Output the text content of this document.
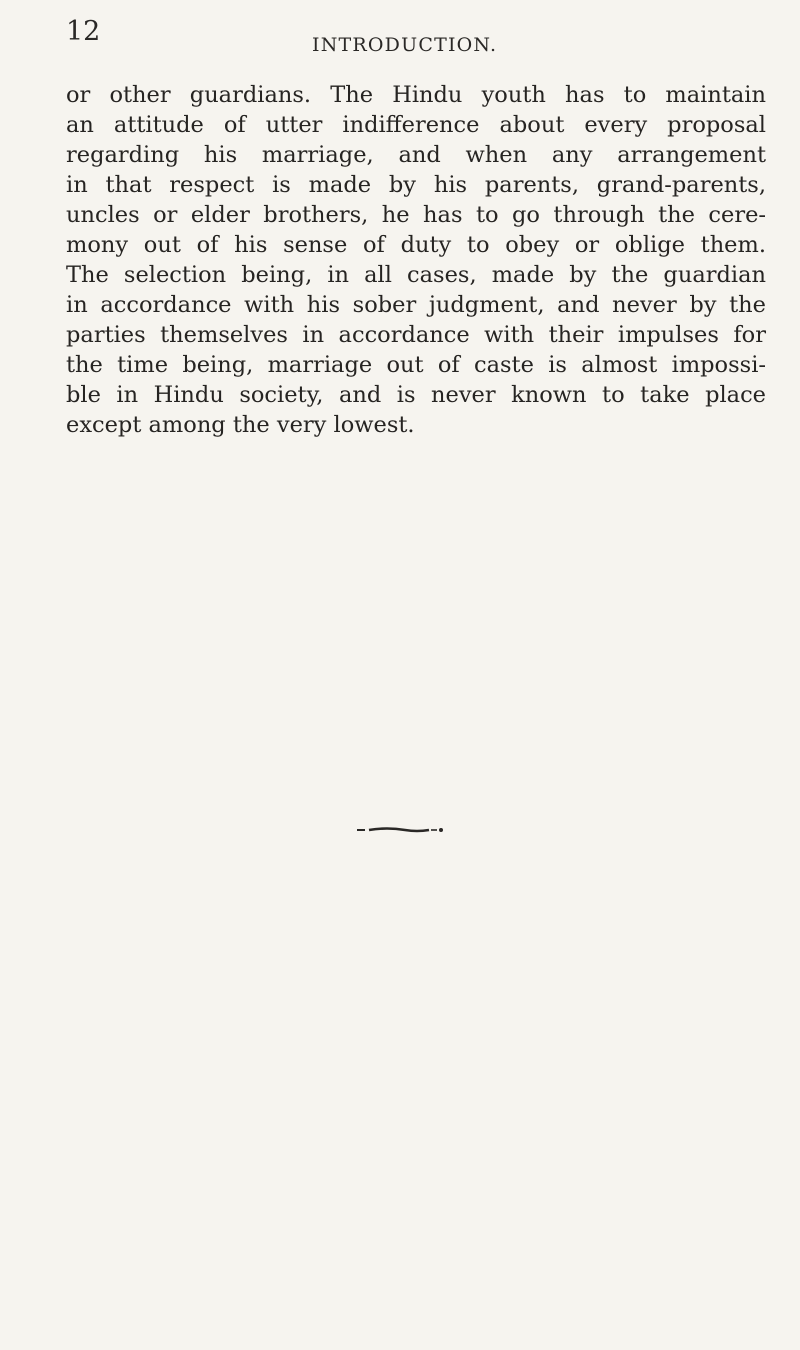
12	INTRODUCTION.
or other guardians. The Hindu youth has to maintain
an attitude of utter indifference about every proposal
regarding his marriage, and when any arrangement
in that respect is made by his parents, grand-parents,
uncles or elder brothers, he has to go through the cere-
mony out of his sense of duty to obey or oblige them.
The selection being, in all cases, made by the guardian
in accordance with his sober judgment, and never by the
parties themselves in accordance with their impulses for
the time being, marriage out of caste is almost impossi-
ble in Hindu society, and is never known to take place
except among the very lowest.
